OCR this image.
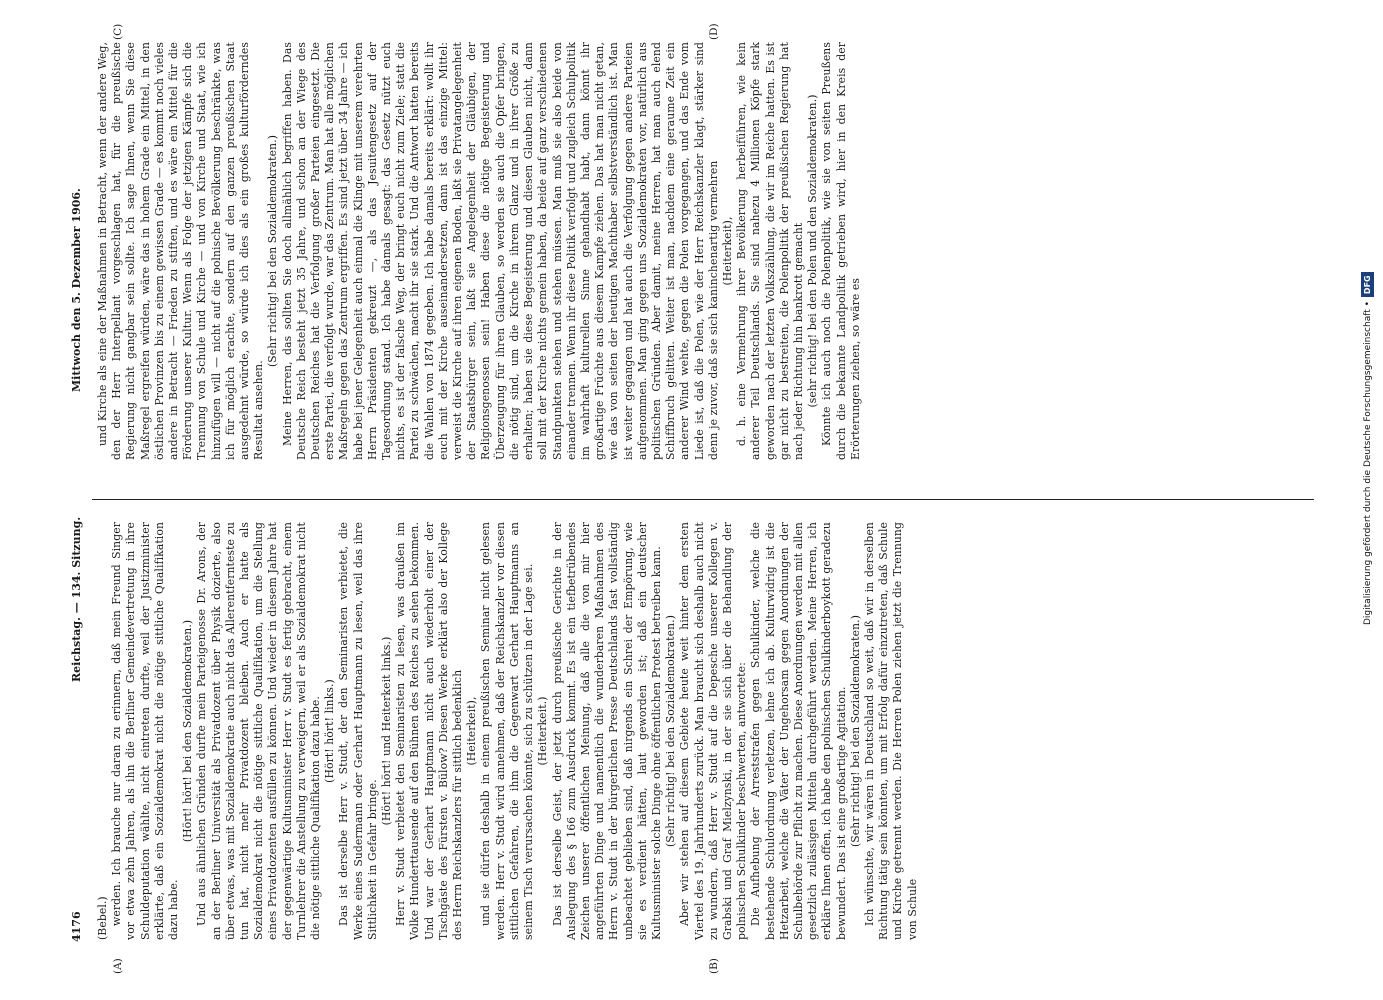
4176
Reichstag. — 134. Sitzung.
Mittwoch den 5. Dezember 1906.
(A)	(B)
(C)	(D)

(Bebel.) werden. Ich brauche nur daran zu erinnern, daß mein Freund Singer vor etwa zehn Jahren, als ihn die Berliner Gemeindevertretung in ihre Schuldeputation wählte, nicht eintreten durfte, weil der Justizminister erklärte, daß ein Sozialdemokrat nicht die nötige sittliche Qualifikation dazu habe.

(Hört! hört! bei den Sozialdemokraten.) Und aus ähnlichen Gründen durfte mein Parteigenosse Dr. Arons, der an der Berliner Universität als Privatdozent über Physik dozierte, also über etwas, was mit Sozialdemokratie auch nicht das Allerentfernteste zu tun hat, nicht mehr Privatdozent bleiben. Auch er hatte als Sozialdemokrat nicht die nötige sittliche Qualifikation, um die Stellung eines Privatdozenten ausfüllen zu können. Und wieder in diesem Jahre hat der gegenwärtige Kultusminister Herr v. Studt es fertig gebracht, einem Turnlehrer die Anstellung zu verweigern, weil er als Sozialdemokrat nicht die nötige sittliche Qualifikation dazu habe. (Hört! hört! links.) Das ist derselbe Herr v. Studt, der den Seminaristen verbietet, die Werke eines Sudermann oder Gerhart Hauptmann zu lesen, weil das ihre Sittlichkeit in Gefahr bringe.

(Hört! hört! und Heiterkeit links.) Herr v. Studt verbietet den Seminaristen zu lesen, was draußen im Volke Hunderttausende auf den Bühnen des Reiches zu sehen bekommen. Und war der Gerhart Hauptmann nicht auch wiederholt einer der Tischgäste des Fürsten v. Bülow? Diesen Werke erklärt also der Kollege des Herrn Reichskanzlers für sittlich bedenklich (Heiterkeit), und sie dürfen deshalb in einem preußischen Seminar nicht gelesen werden. Herr v. Studt wird annehmen, daß der Reichskanzler vor diesen sittlichen Gefahren, die ihm die Gegenwart Gerhart Hauptmanns an seinem Tisch verursachen könnte, sich zu schützen in der Lage sei. (Heiterkeit.) Das ist derselbe Geist, der jetzt durch preußische Gerichte in der Auslegung des § 166 zum Ausdruck kommt. Es ist ein tiefbetrübendes Zeichen unserer öffentlichen Meinung, daß alle die von mir hier angeführten Dinge und namentlich die wunderbaren Maßnahmen des Herrn v. Studt in der bürgerlichen Presse Deutschlands fast vollständig unbeachtet geblieben sind, daß nirgends ein Schrei der Empörung, wie sie es verdient hätten, laut geworden ist; daß ein deutscher Kultusminister solche Dinge ohne öffentlichen Protest betreiben kann. (Sehr richtig! bei den Sozialdemokraten.) Aber wir stehen auf diesem Gebiete heute weit hinter dem ersten Viertel des 19. Jahrhunderts zurück. Man braucht sich deshalb auch nicht zu wundern, daß Herr v. Studt auf die Depesche unserer Kollegen v. Grabski und Graf Mielzynski, in der sie sich über die Behandlung der polnischen Schulkinder beschwerten, antwortete: Die Aufhebung der Arreststrafen gegen Schulkinder, welche die bestehende Schulordnung verletzen, lehne ich ab. Kulturwidrig ist die Hetzarbeit, welche die Väter der Ungehorsam gegen Anordnungen der Schulbehörde zur Pflicht zu machen. Diese Anordnungen werden mit allen gesetzlich zulässigen Mitteln durchgeführt werden. Meine Herren, ich erkläre Ihnen offen, ich habe den polnischen Schulkinderboykott geradezu bewundert. Das ist eine großartige Agitation. (Sehr richtig! bei den Sozialdemokraten.) Ich wünschte, wir wären in Deutschland so weit, daß wir in derselben Richtung tätig sein könnten, um mit Erfolg dafür einzutreten, daß Schule und Kirche getrennt werden. Die Herren Polen ziehen jetzt die Trennung von Schule

und Kirche als eine der Maßnahmen in Betracht, wenn der andere Weg, den der Herr Interpellant vorgeschlagen hat, für die preußische Regierung nicht gangbar sein sollte. Ich sage Ihnen, wenn Sie diese Maßregel ergreifen würden, wäre das in hohem Grade ein Mittel, in den östlichen Provinzen bis zu einem gewissen Grade — es kommt noch vieles andere in Betracht — Frieden zu stiften, und es wäre ein Mittel für die Förderung unserer Kultur. Wenn als Folge der jetzigen Kämpfe sich die Trennung von Schule und Kirche — und von Kirche und Staat, wie ich hinzufügen will — nicht auf die polnische Bevölkerung beschränkte, was ich für möglich erachte, sondern auf den ganzen preußischen Staat ausgedehnt würde, so würde ich dies als ein großes kulturförderndes Resultat ansehen.

(Sehr richtig! bei den Sozialdemokraten.) Meine Herren, das sollten Sie doch allmählich begriffen haben. Das Deutsche Reich besteht jetzt 35 Jahre, und schon an der Wiege des Deutschen Reiches hat die Verfolgung großer Parteien eingesetzt. Die erste Partei, die verfolgt wurde, war das Zentrum. Man hat alle möglichen Maßregeln gegen das Zentrum ergriffen. Es sind jetzt über 34 Jahre — ich habe bei jener Gelegenheit auch einmal die Klinge mit unserem verehrten Herrn Präsidenten gekreuzt —, als das Jesuitengesetz auf der Tagesordnung stand. Ich habe damals gesagt: das Gesetz nützt euch nichts, es ist der falsche Weg, der bringt euch nicht zum Ziele; statt die Partei zu schwächen, macht ihr sie stark. Und die Antwort hatten bereits die Wahlen von 1874 gegeben. Ich habe damals bereits erklärt: wollt ihr euch mit der Kirche auseinandersetzen, dann ist das einzige Mittel: verweist die Kirche auf ihren eigenen Boden, laßt sie Privatangelegenheit der Staatsbürger sein, laßt sie Angelegenheit der Gläubigen, der Religionsgenossen sein! Haben diese die nötige Begeisterung und Überzeugung für ihren Glauben, so werden sie auch die Opfer bringen, die nötig sind, um die Kirche in ihrem Glanz und in ihrer Größe zu erhalten; haben sie diese Begeisterung und diesen Glauben nicht, dann soll mit der Kirche nichts gemein haben, da beide auf ganz verschiedenen Standpunkten stehen und stehen müssen. Man muß sie also beide von einander trennen. Wenn ihr diese Politik verfolgt und zugleich Schulpolitik im wahrhaft kulturellen Sinne gehandhabt habt, dann könnt ihr großartige Früchte aus diesem Kampfe ziehen. Das hat man nicht getan, wie das von seiten der heutigen Machthaber selbstverständlich ist. Man ist weiter gegangen und hat auch die Verfolgung gegen andere Parteien aufgenommen. Man ging gegen uns Sozialdemokraten vor, natürlich aus politischen Gründen. Aber damit, meine Herren, hat man auch elend Schiffbruch gelitten. Weiter ist man, nachdem eine geraume Zeit ein anderer Wind wehte, gegen die Polen vorgegangen, und das Ende vom Liede ist, daß die Polen, wie der Herr Reichskanzler klagt, stärker sind denn je zuvor, daß sie sich kaninchenartig vermehren (Heiterkeit), d. h. eine Vermehrung ihrer Bevölkerung herbeiführen, wie kein anderer Teil Deutschlands. Sie sind nahezu 4 Millionen Köpfe stark geworden nach der letzten Volkszählung, die wir im Reiche hatten. Es ist gar nicht zu bestreiten, die Polenpolitik der preußischen Regierung hat nach jeder Richtung hin bankrott gemacht (sehr richtig! bei den Polen und den Sozialdemokraten.) Könnte ich auch noch die Polenpolitik, wie sie von seiten Preußens durch die bekannte Landpolitik getrieben wird, hier in den Kreis der Erörterungen ziehen, so wäre es	Digitalisierung gefördert durch die Deutsche Forschungsgemeinschaft •DFG
